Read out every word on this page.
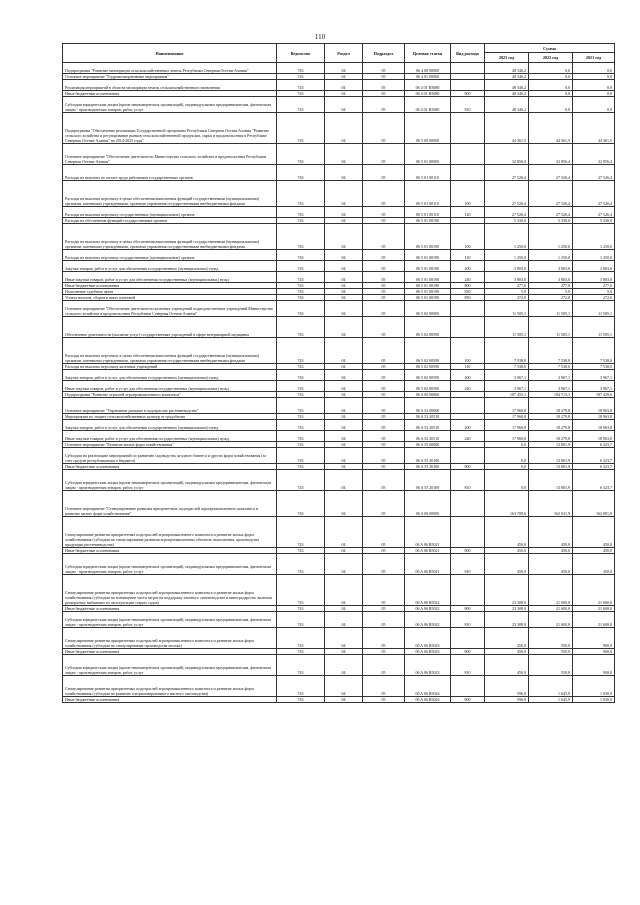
110
Наименование	Ведомство	Раздел	Подраздел	Целевая статья	Вид расхода	Сумма		
						2023 год	2022 год	2021 год
Подпрограмма "Развитие мелиорации сельскохозяйственных земель Республики Северная Осетия-Алания"	743	04	05	06 4 00 00000		48 346,2	0,0	0,0
Основное мероприятие "Гидромелиоративные мероприятия"	743	04	05	06 4 01 00000		48 346,2	0,0	0,0
Реализация мероприятий в области мелиорации земель сельскохозяйственного назначения	743	04	05	06 4 01 R5680		48 346,2	0,0	0,0
Иные бюджетные ассигнования	743	04	05	06 4 01 R5680	800	48 346,2	0,0	0,0
Субсидии юридическим лицам (кроме некоммерческих организаций), индивидуальным предпринимателям, физическим лицам - производителям товаров, работ, услуг	743	04	05	06 4 01 R5680	810	48 346,2	0,0	0,0
Подпрограмма "Обеспечение реализации Государственной программы Республики Северная Осетия-Алания "Развитие сельского хозяйства и регулирование рынков сельскохозяйственной продукции, сырья и продовольствия в Республике Северная Осетия-Алания" на 2014-2025 годы"	743	04	05	06 5 00 00000		44 361,5	44 361,5	44 361,5
Основное мероприятие "Обеспечение деятельности Министерства сельского хозяйства и продовольствия Республики Северная Осетия-Алания"	743	04	05	06 5 01 00000		32 856,4	32 856,4	32 856,4
Расходы на выплаты по оплате труда работников государственных органов	743	04	05	06 5 01 00110		27 526,4	27 526,4	27 526,4
Расходы на выплаты персоналу в целях обеспечения выполнения функций государственными (муниципальными) органами, казенными учреждениями, органами управления государственными внебюджетными фондами	743	04	05	06 5 01 00110	100	27 526,4	27 526,4	27 526,4
Расходы на выплаты персоналу государственных (муниципальных) органов	743	04	05	06 5 01 00110	120	27 526,4	27 526,4	27 526,4
Расходы на обеспечение функций государственных органов	743	04	05	06 5 01 00190		5 330,0	5 330,0	5 330,0
Расходы на выплаты персоналу в целях обеспечения выполнения функций государственными (муниципальными) органами, казенными учреждениями, органами управления государственными внебюджетными фондами	743	04	05	06 5 01 00190	100	1 250,0	1 250,0	1 250,0
Расходы на выплаты персоналу государственных (муниципальных) органов	743	04	05	06 5 01 00190	120	1 250,0	1 250,0	1 250,0
Закупка товаров, работ и услуг для обеспечения государственных (муниципальных) нужд	743	04	05	06 5 01 00190	200	3 803,0	3 803,0	3 803,0
Иные закупки товаров, работ и услуг для обеспечения государственных (муниципальных) нужд	743	04	05	06 5 01 00190	240	3 803,0	3 803,0	3 803,0
Иные бюджетные ассигнования	743	04	05	06 5 01 00190	800	277,0	277,0	277,0
Исполнение судебных актов	743	04	05	06 5 01 00190	830	5,0	5,0	5,0
Уплата налогов, сборов и иных платежей	743	04	05	06 5 01 00190	850	272,0	272,0	272,0
Основное мероприятие "Обеспечение деятельности казенных учреждений подведомственных учреждений Министерства сельского хозяйства и продовольствия Республики Северная Осетия-Алания"	743	04	05	06 5 02 00000		11 505,1	11 505,1	11 505,1
Обеспечение деятельности (оказание услуг) государственных учреждений в сфере ветеринарной медицины	743	04	05	06 5 02 00590		11 505,1	11 505,1	11 505,1
Расходы на выплаты персоналу в целях обеспечения выполнения функций государственными (муниципальными) органами, казенными учреждениями, органами управления государственными внебюджетными фондами	743	04	05	06 5 02 00590	100	7 538,0	7 538,0	7 538,0
Расходы на выплаты персоналу казенных учреждений	743	04	05	06 5 02 00590	110	7 538,0	7 538,0	7 538,0
Закупка товаров, работ и услуг для обеспечения государственных (муниципальных) нужд	743	04	05	06 5 02 00590	200	3 967,1	3 967,1	3 967,1
Иные закупки товаров, работ и услуг для обеспечения государственных (муниципальных) нужд	743	04	05	06 5 02 00590	240	3 967,1	3 967,1	3 967,1
Подпрограмма "Развитие отраслей агропромышленного комплекса"	743	04	05	06 A 00 00000		187 455,1	194 713,1	187 439,6
Основное мероприятие "Управление рисками в подотраслях растениеводства"	743	04	05	06 A 52 00000		17 960,8	18 279,8	18 963,8
Мероприятия по защите сельскохозяйственных культур от градобития	743	04	05	06 A 52 20510		17 960,8	18 279,8	18 963,8
Закупка товаров, работ и услуг для обеспечения государственных (муниципальных) нужд	743	04	05	06 A 52 20510	200	17 960,8	18 279,8	18 963,8
Иные закупки товаров, работ и услуг для обеспечения государственных (муниципальных) нужд	743	04	05	06 A 52 20510	240	17 960,8	18 279,8	18 963,8
Основное мероприятие "Развитие малых форм хозяйствования"	743	04	05	06 A 55 00000		0,0	13 801,9	6 323,7
Субсидии на реализацию мероприятий по развитию садоводства, ягодного бизнеса и других форм хозяйствования (за счет средств республиканского бюджета)	743	04	05	06 A 55 20100		0,0	13 801,9	6 323,7
Иные бюджетные ассигнования	743	04	05	06 A 55 20100	800	0,0	13 801,9	6 323,7
Субсидии юридическим лицам (кроме некоммерческих организаций), индивидуальным предпринимателям, физическим лицам - производителям товаров, работ, услуг	743	04	05	06 A 55 20100	810	0,0	13 801,9	6 323,7
Основное мероприятие "Стимулирование развития приоритетных подотраслей агропромышленного комплекса и развитие малых форм хозяйствования"	743	04	05	06 A 06 00000		163 708,6	162 631,9	162 081,9
Стимулирование развития приоритетных подотраслей агропромышленного комплекса и развитие малых форм хозяйствования (субсидии на стимулирование развития агропромышленных объектов, выполнения, производства продукции растениеводства)	743	04	05	06 A 06 R5021		450,0	450,0	450,0
Иные бюджетные ассигнования	743	04	05	06 A 06 R5021	800	450,0	450,0	450,0
Субсидии юридическим лицам (кроме некоммерческих организаций), индивидуальным предпринимателям, физическим лицам - производителям товаров, работ, услуг	743	04	05	06 A 06 R5021	810	450,0	450,0	450,0
Стимулирование развития приоритетных подотраслей агропромышленного комплекса и развитие малых форм хозяйствования (субсидии на возмещение части затрат на поддержку элитного семеноводства и виноградарства, включая раскорчевку выбывших из эксплуатации старых садов)	743	04	05	06 A 06 R5022		23 308,0	21 600,0	21 600,0
Иные бюджетные ассигнования	743	04	05	06 A 06 R5022	800	23 308,0	21 600,0	21 600,0
Субсидии юридическим лицам (кроме некоммерческих организаций), индивидуальным предпринимателям, физическим лицам - производителям товаров, работ, услуг	743	04	05	06 A 06 R5022	810	23 308,0	21 600,0	21 600,0
Стимулирование развития приоритетных подотраслей агропромышленного комплекса и развитие малых форм хозяйствования (субсидии на стимулирование производства молока)	743	04	05	06 A 06 R5023		450,0	550,0	900,0
Иные бюджетные ассигнования	743	04	05	06 A 06 R5023	800	450,0	550,0	900,0
Субсидии юридическим лицам (кроме некоммерческих организаций), индивидуальным предпринимателям, физическим лицам - производителям товаров, работ, услуг	743	04	05	06 A 06 R5023	810	450,0	550,0	900,0
Стимулирование развития приоритетных подотраслей агропромышленного комплекса и развитие малых форм хозяйствования (субсидии на развитие специализированного мясного скотоводства)	743	04	05	06 A 06 R5024		596,0	1 645,9	1 030,0
Иные бюджетные ассигнования	743	04	05	06 A 06 R5024	800	596,0	1 645,9	1 030,0
